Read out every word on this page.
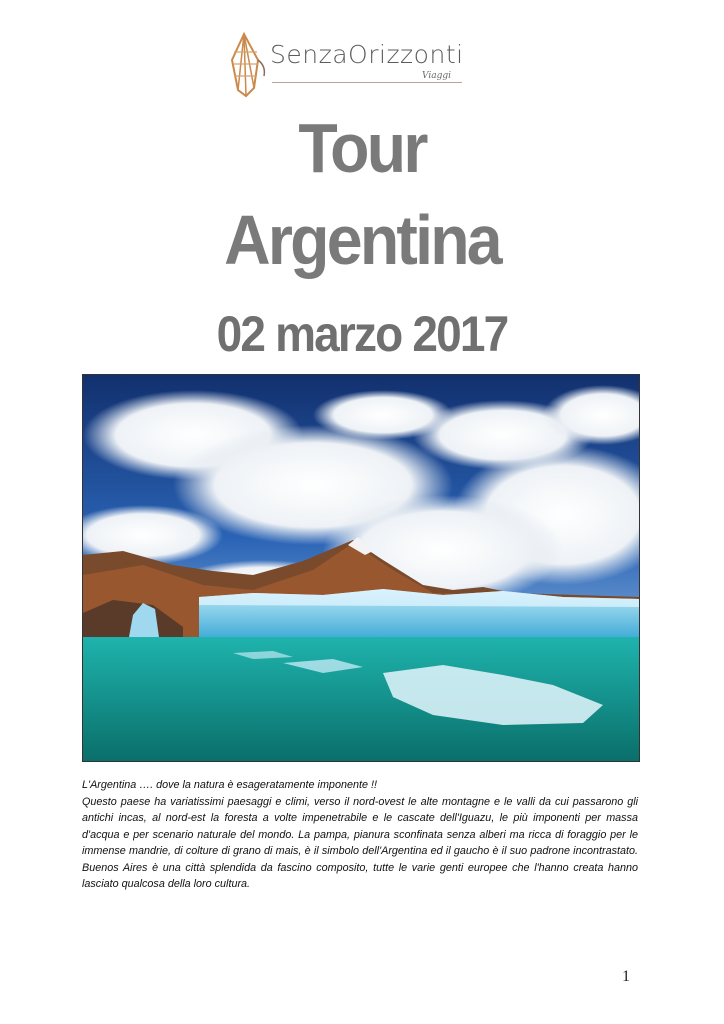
SenzaOrizzonti
Viaggi
Tour
Argentina
02 marzo 2017

L'Argentina …. dove la natura è esageratamente imponente !!

Questo paese ha variatissimi paesaggi e climi, verso il nord-ovest le alte montagne e le valli da cui passarono gli antichi incas, al nord-est la foresta a volte impenetrabile e le cascate dell'Iguazu, le più imponenti per massa d'acqua e per scenario naturale del mondo. La pampa, pianura sconfinata senza alberi ma ricca di foraggio per le immense mandrie, di colture di grano di mais, è il simbolo dell'Argentina ed il gaucho è il suo padrone incontrastato. Buenos Aires è una città splendida da fascino composito, tutte le varie genti europee che l'hanno creata hanno lasciato qualcosa della loro cultura.

1
